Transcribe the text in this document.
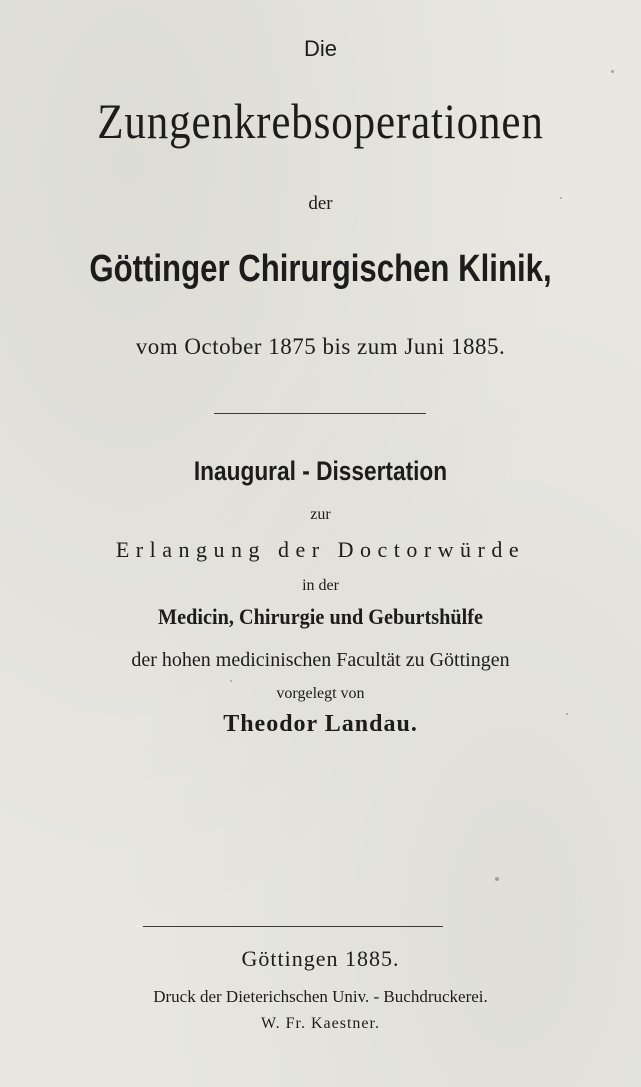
Die
Zungenkrebsoperationen
der
Göttinger Chirurgischen Klinik,
vom October 1875 bis zum Juni 1885.
Inaugural - Dissertation
zur
Erlangung der Doctorwürde
in der
Medicin, Chirurgie und Geburtshülfe
der hohen medicinischen Facultät zu Göttingen
vorgelegt von
Theodor Landau.
Göttingen 1885.
Druck der Dieterichschen Univ. - Buchdruckerei.
W. Fr. Kaestner.
